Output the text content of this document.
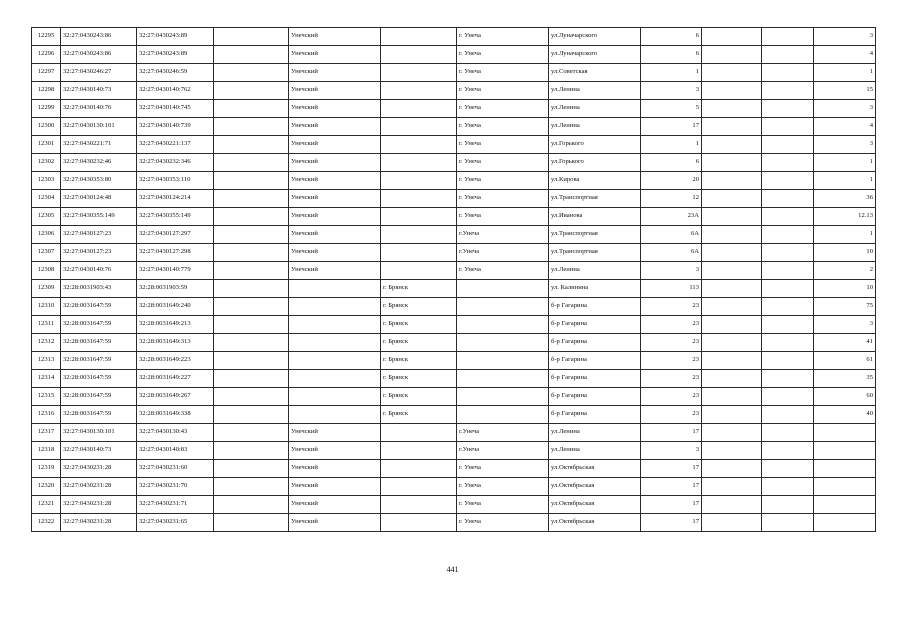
12295	32:27:0430243:86	32:27:0430243:89		Унечский		г. Унеча	ул.Луначарского	6			3
12296	32:27:0430243:86	32:27:0430243:89		Унечский		г. Унеча	ул.Луначарского	6			4
12297	32:27:0430246:27	32:27:0430246:59		Унечский		г. Унеча	ул.Советская	1			1
12298	32:27:0430140:73	32:27:0430140:762		Унечский		г. Унеча	ул.Ленина	3			15
12299	32:27:0430140:76	32:27:0430140:745		Унечский		г. Унеча	ул.Ленина	5			3
12300	32:27:0430130:101	32:27:0430140:739		Унечский		г. Унеча	ул.Ленина	17			4
12301	32:27:0430221:71	32:27:0430221:137		Унечский		г. Унеча	ул.Горького	1			3
12302	32:27:0430232:46	32:27:0430232:346		Унечский		г. Унеча	ул.Горького	6			1
12303	32:27:0430353:80	32:27:0430353:110		Унечский		г. Унеча	ул.Кирова	20			1
12304	32:27:0430124:48	32:27:0430124:214		Унечский		г. Унеча	ул.Транспортная	12			36
12305	32:27:0430355:149	32:27:0430355:149		Унечский		г. Унеча	ул.Иванова	23А			12.13
12306	32:27:0430127:23	32:27:0430127:297		Унечский		г.Унеча	ул.Транспортная	6А			1
12307	32:27:0430127:23	32:27:0430127:298		Унечский		г.Унеча	ул.Транспортная	6А			10
12308	32:27:0430140:76	32:27:0430140:779		Унечский		г. Унеча	ул.Ленина	3			2
12309	32:28:0031903:43	32:28:0031903:59			г. Брянск		ул. Калинина	113			10
12310	32:28:0031647:59	32:28:0031649:240			г. Брянск		б-р Гагарина	23			75
12311	32:28:0031647:59	32:28:0031649:213			г. Брянск		б-р Гагарина	23			3
12312	32:28:0031647:59	32:28:0031649:313			г. Брянск		б-р Гагарина	23			41
12313	32:28:0031647:59	32:28:0031649:223			г. Брянск		б-р Гагарина	23			61
12314	32:28:0031647:59	32:28:0031649:227			г. Брянск		б-р Гагарина	23			35
12315	32:28:0031647:59	32:28:0031649:267			г. Брянск		б-р Гагарина	23			60
12316	32:28:0031647:59	32:28:0031649:338			г. Брянск		б-р Гагарина	23			40
12317	32:27:0430130:101	32:27:0430130:43		Унечский		г.Унеча	ул.Ленина	17			
12318	32:27:0430140:73	32:27:0430140:83		Унечский		г.Унеча	ул.Ленина	3			
12319	32:27:0430231:28	32:27:0430231:60		Унечский		г. Унеча	ул.Октябрьская	17			
12320	32:27:0430231:28	32:27:0430231:70		Унечский		г. Унеча	ул.Октябрьская	17			
12321	32:27:0430231:28	32:27:0430231:71		Унечский		г. Унеча	ул.Октябрьская	17			
12322	32:27:0430231:28	32:27:0430231:65		Унечский		г. Унеча	ул.Октябрьская	17			
441
